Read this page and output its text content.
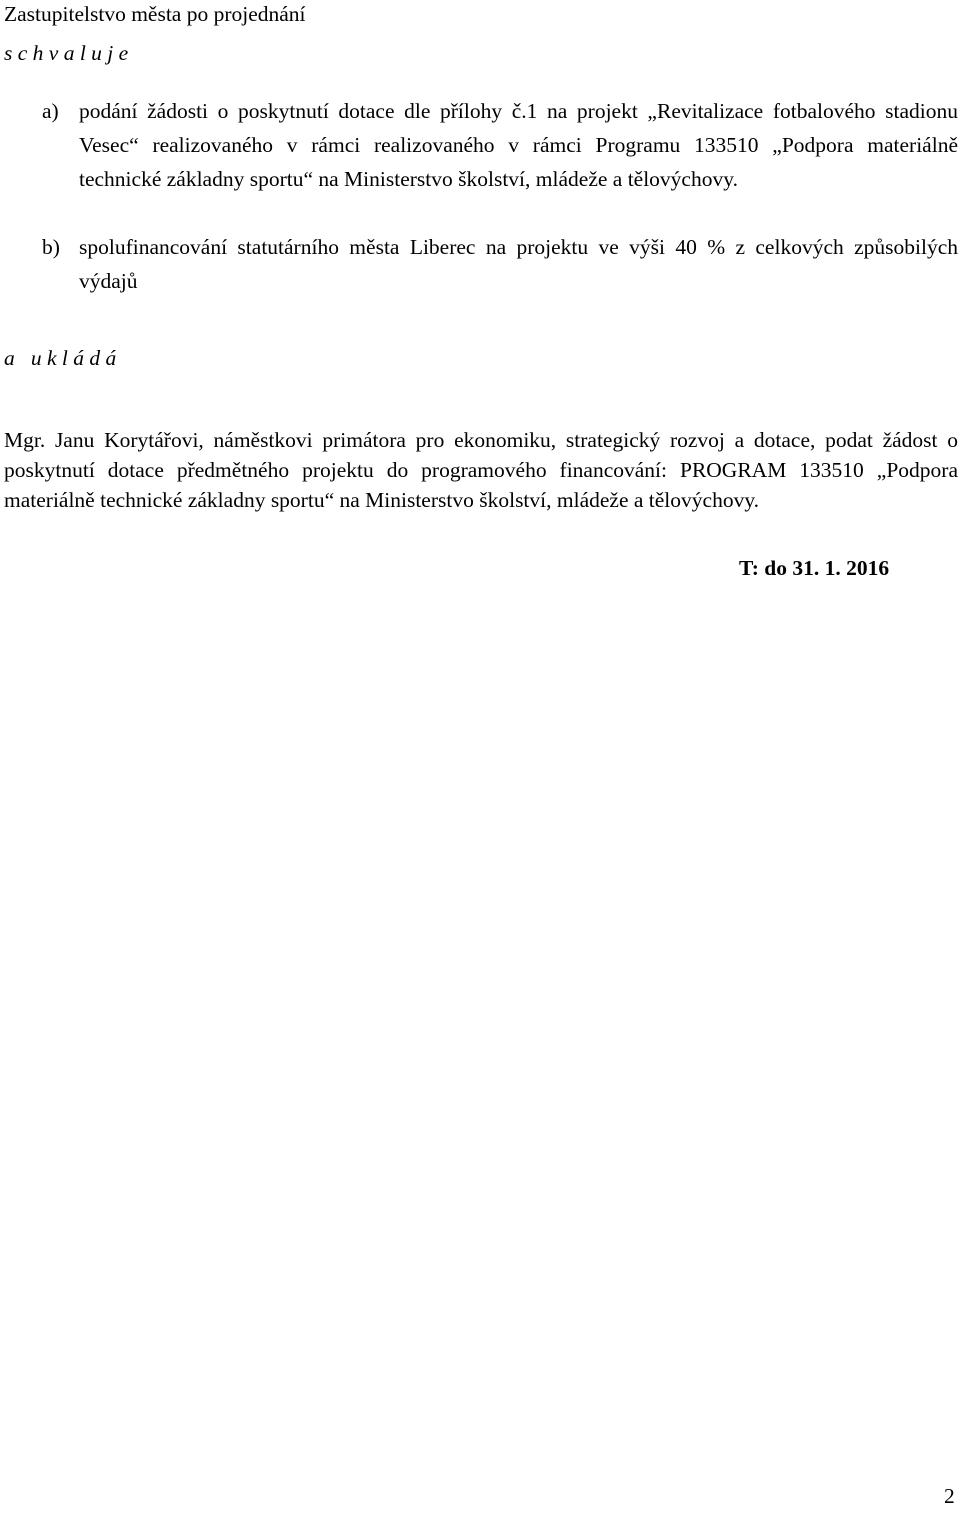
Zastupitelstvo města po projednání
s c h v a l u j e
a) podání žádosti o poskytnutí dotace dle přílohy č.1 na projekt „Revitalizace fotbalového stadionu Vesec“ realizovaného v rámci realizovaného v rámci Programu 133510 „Podpora materiálně technické základny sportu“ na Ministerstvo školství, mládeže a tělovýchovy.
b) spolufinancování statutárního města Liberec na projektu ve výši 40 % z celkových způsobilých výdajů
a   u k l á d á
Mgr. Janu Korytářovi, náměstkovi primátora pro ekonomiku, strategický rozvoj a dotace, podat žádost o poskytnutí dotace předmětného projektu do programového financování: PROGRAM 133510 „Podpora materiálně technické základny sportu“ na Ministerstvo školství, mládeže a tělovýchovy.
T: do 31. 1. 2016
2
